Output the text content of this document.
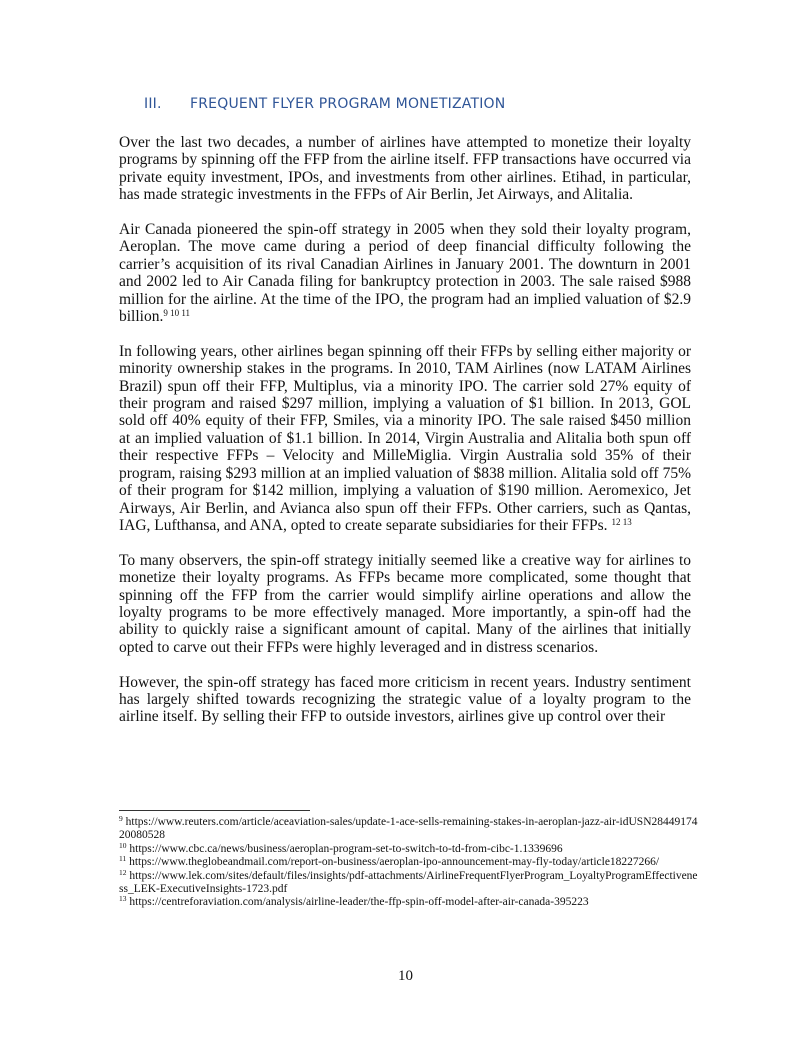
III. FREQUENT FLYER PROGRAM MONETIZATION

Over the last two decades, a number of airlines have attempted to monetize their loyalty programs by spinning off the FFP from the airline itself. FFP transactions have occurred via private equity investment, IPOs, and investments from other airlines. Etihad, in particular, has made strategic investments in the FFPs of Air Berlin, Jet Airways, and Alitalia.

Air Canada pioneered the spin-off strategy in 2005 when they sold their loyalty program, Aeroplan. The move came during a period of deep financial difficulty following the carrier’s acquisition of its rival Canadian Airlines in January 2001. The downturn in 2001 and 2002 led to Air Canada filing for bankruptcy protection in 2003. The sale raised $988 million for the airline. At the time of the IPO, the program had an implied valuation of $2.9 billion.$^{9 10 11}$

In following years, other airlines began spinning off their FFPs by selling either majority or minority ownership stakes in the programs. In 2010, TAM Airlines (now LATAM Airlines Brazil) spun off their FFP, Multiplus, via a minority IPO. The carrier sold 27% equity of their program and raised $297 million, implying a valuation of $1 billion. In 2013, GOL sold off 40% equity of their FFP, Smiles, via a minority IPO. The sale raised $450 million at an implied valuation of $1.1 billion. In 2014, Virgin Australia and Alitalia both spun off their respective FFPs – Velocity and MilleMiglia. Virgin Australia sold 35% of their program, raising $293 million at an implied valuation of $838 million. Alitalia sold off 75% of their program for $142 million, implying a valuation of $190 million. Aeromexico, Jet Airways, Air Berlin, and Avianca also spun off their FFPs. Other carriers, such as Qantas, IAG, Lufthansa, and ANA, opted to create separate subsidiaries for their FFPs. $^{12 13}$

To many observers, the spin-off strategy initially seemed like a creative way for airlines to monetize their loyalty programs. As FFPs became more complicated, some thought that spinning off the FFP from the carrier would simplify airline operations and allow the loyalty programs to be more effectively managed. More importantly, a spin-off had the ability to quickly raise a significant amount of capital. Many of the airlines that initially opted to carve out their FFPs were highly leveraged and in distress scenarios.

However, the spin-off strategy has faced more criticism in recent years. Industry sentiment has largely shifted towards recognizing the strategic value of a loyalty program to the airline itself. By selling their FFP to outside investors, airlines give up control over their

$^9$ https://www.reuters.com/article/aceaviation-sales/update-1-ace-sells-remaining-stakes-in-aeroplan-jazz-air-idUSN2844917420080528

$^{10}$ https://www.cbc.ca/news/business/aeroplan-program-set-to-switch-to-td-from-cibc-1.1339696

$^{11}$ https://www.theglobeandmail.com/report-on-business/aeroplan-ipo-announcement-may-fly-today/article18227266/

$^{12}$ https://www.lek.com/sites/default/files/insights/pdf-attachments/AirlineFrequentFlyerProgram_LoyaltyProgramEffectiveness_LEK-ExecutiveInsights-1723.pdf

$^{13}$ https://centreforaviation.com/analysis/airline-leader/the-ffp-spin-off-model-after-air-canada-395223

10
